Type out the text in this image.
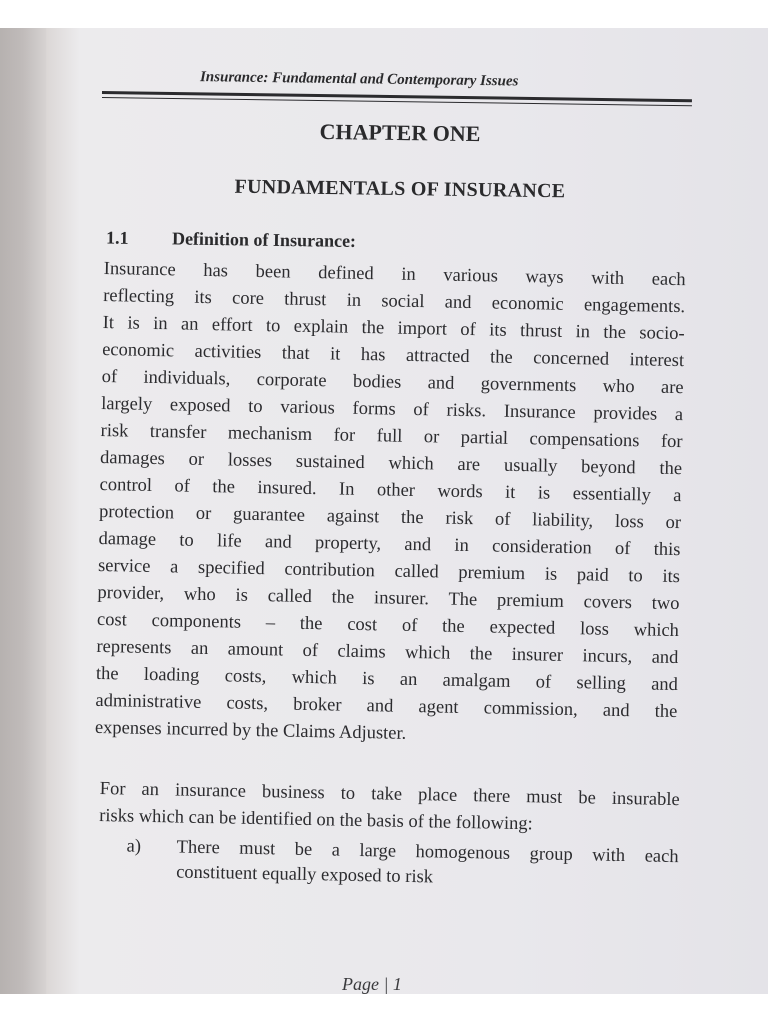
Insurance: Fundamental and Contemporary Issues
CHAPTER ONE
FUNDAMENTALS OF INSURANCE
1.1 Definition of Insurance:
Insurance has been defined in various ways with each
reflecting its core thrust in social and economic engagements.
It is in an effort to explain the import of its thrust in the socio-
economic activities that it has attracted the concerned interest
of individuals, corporate bodies and governments who are
largely exposed to various forms of risks. Insurance provides a
risk transfer mechanism for full or partial compensations for
damages or losses sustained which are usually beyond the
control of the insured. In other words it is essentially a
protection or guarantee against the risk of liability, loss or
damage to life and property, and in consideration of this
service a specified contribution called premium is paid to its
provider, who is called the insurer. The premium covers two
cost components – the cost of the expected loss which
represents an amount of claims which the insurer incurs, and
the loading costs, which is an amalgam of selling and
administrative costs, broker and agent commission, and the
expenses incurred by the Claims Adjuster.
For an insurance business to take place there must be insurable
risks which can be identified on the basis of the following:
a) There must be a large homogenous group with each
constituent equally exposed to risk
Page | 1
